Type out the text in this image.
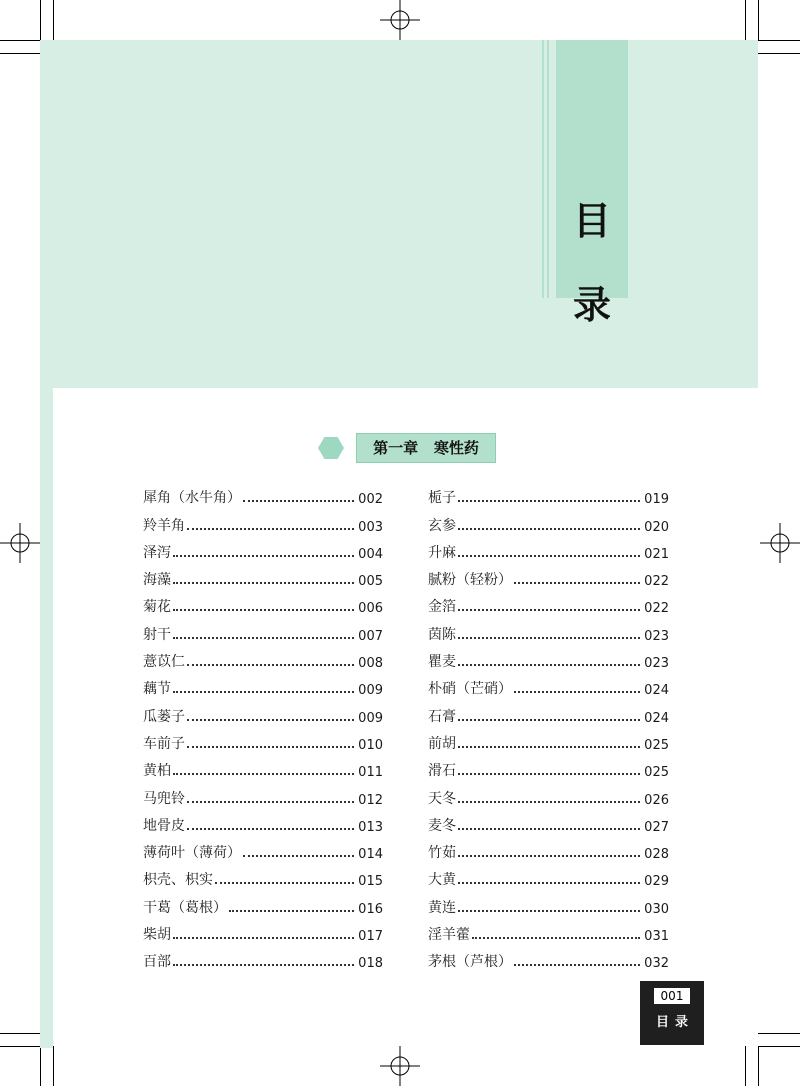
目
录
第一章   寒性药
犀角（水牛角）	002
羚羊角	003
泽泻	004
海藻	005
菊花	006
射干	007
薏苡仁	008
藕节	009
瓜蒌子	009
车前子	010
黄柏	011
马兜铃	012
地骨皮	013
薄荷叶（薄荷）	014
枳壳、枳实	015
干葛（葛根）	016
柴胡	017
百部	018
栀子	019
玄参	020
升麻	021
腻粉（轻粉）	022
金箔	022
茵陈	023
瞿麦	023
朴硝（芒硝）	024
石膏	024
前胡	025
滑石	025
天冬	026
麦冬	027
竹茹	028
大黄	029
黄连	030
淫羊藿	031
茅根（芦根）	032
001
目录
